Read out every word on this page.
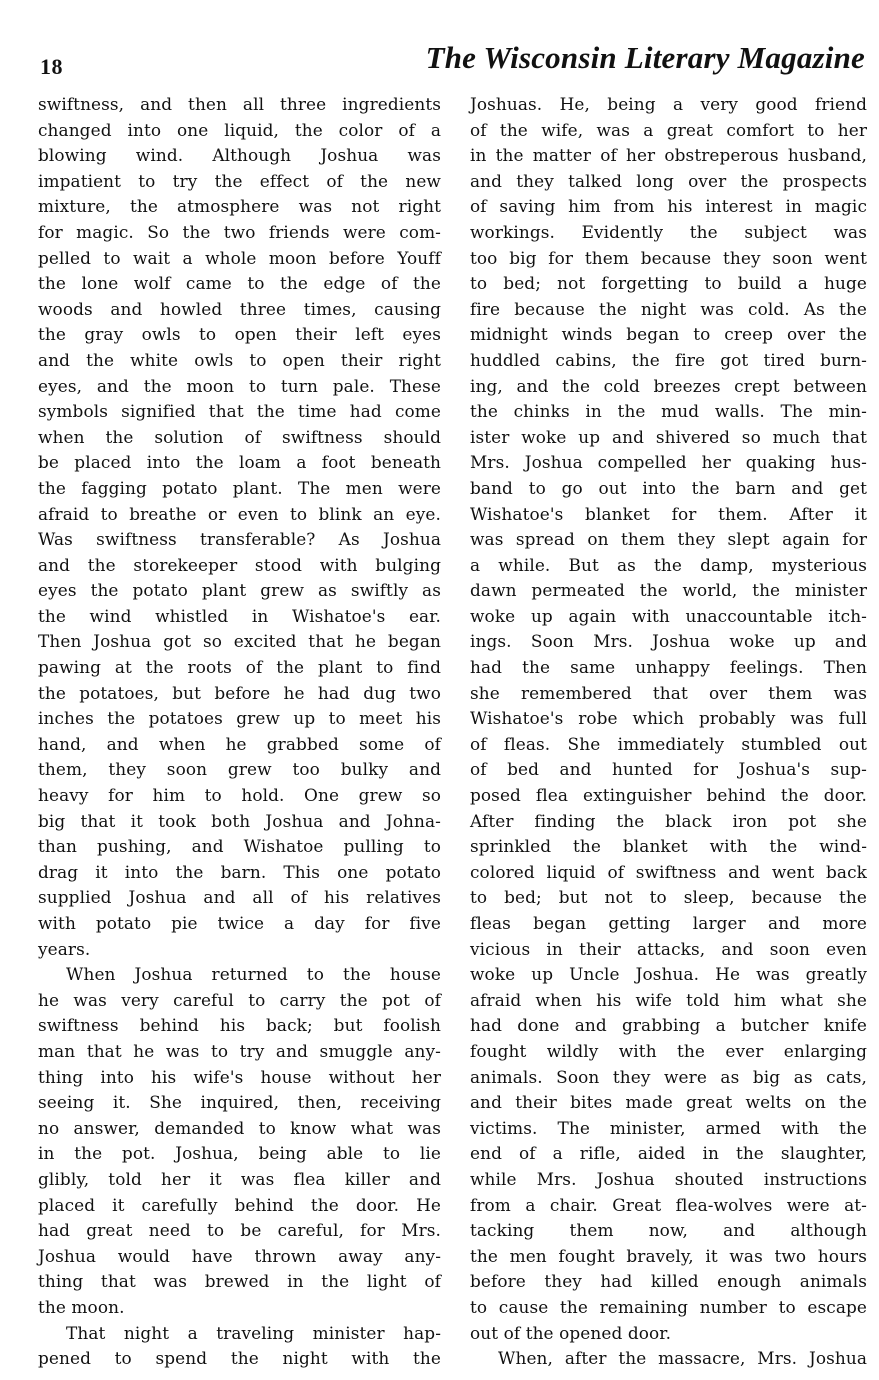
18	The Wisconsin Literary Magazine
swiftness, and then all three ingredients
changed into one liquid, the color of a
blowing wind. Although Joshua was
impatient to try the effect of the new
mixture, the atmosphere was not right
for magic. So the two friends were com-
pelled to wait a whole moon before Youff
the lone wolf came to the edge of the
woods and howled three times, causing
the gray owls to open their left eyes
and the white owls to open their right
eyes, and the moon to turn pale. These
symbols signified that the time had come
when the solution of swiftness should
be placed into the loam a foot beneath
the fagging potato plant. The men were
afraid to breathe or even to blink an eye.
Was swiftness transferable? As Joshua
and the storekeeper stood with bulging
eyes the potato plant grew as swiftly as
the wind whistled in Wishatoe's ear.
Then Joshua got so excited that he began
pawing at the roots of the plant to find
the potatoes, but before he had dug two
inches the potatoes grew up to meet his
hand, and when he grabbed some of
them, they soon grew too bulky and
heavy for him to hold. One grew so
big that it took both Joshua and Johna-
than pushing, and Wishatoe pulling to
drag it into the barn. This one potato
supplied Joshua and all of his relatives
with potato pie twice a day for five
years.
When Joshua returned to the house
he was very careful to carry the pot of
swiftness behind his back; but foolish
man that he was to try and smuggle any-
thing into his wife's house without her
seeing it. She inquired, then, receiving
no answer, demanded to know what was
in the pot. Joshua, being able to lie
glibly, told her it was flea killer and
placed it carefully behind the door. He
had great need to be careful, for Mrs.
Joshua would have thrown away any-
thing that was brewed in the light of
the moon.
That night a traveling minister hap-
pened to spend the night with the
Joshuas. He, being a very good friend
of the wife, was a great comfort to her
in the matter of her obstreperous husband,
and they talked long over the prospects
of saving him from his interest in magic
workings. Evidently the subject was
too big for them because they soon went
to bed; not forgetting to build a huge
fire because the night was cold. As the
midnight winds began to creep over the
huddled cabins, the fire got tired burn-
ing, and the cold breezes crept between
the chinks in the mud walls. The min-
ister woke up and shivered so much that
Mrs. Joshua compelled her quaking hus-
band to go out into the barn and get
Wishatoe's blanket for them. After it
was spread on them they slept again for
a while. But as the damp, mysterious
dawn permeated the world, the minister
woke up again with unaccountable itch-
ings. Soon Mrs. Joshua woke up and
had the same unhappy feelings. Then
she remembered that over them was
Wishatoe's robe which probably was full
of fleas. She immediately stumbled out
of bed and hunted for Joshua's sup-
posed flea extinguisher behind the door.
After finding the black iron pot she
sprinkled the blanket with the wind-
colored liquid of swiftness and went back
to bed; but not to sleep, because the
fleas began getting larger and more
vicious in their attacks, and soon even
woke up Uncle Joshua. He was greatly
afraid when his wife told him what she
had done and grabbing a butcher knife
fought wildly with the ever enlarging
animals. Soon they were as big as cats,
and their bites made great welts on the
victims. The minister, armed with the
end of a rifle, aided in the slaughter,
while Mrs. Joshua shouted instructions
from a chair. Great flea-wolves were at-
tacking them now, and although
the men fought bravely, it was two hours
before they had killed enough animals
to cause the remaining number to escape
out of the opened door.
When, after the massacre, Mrs. Joshua
